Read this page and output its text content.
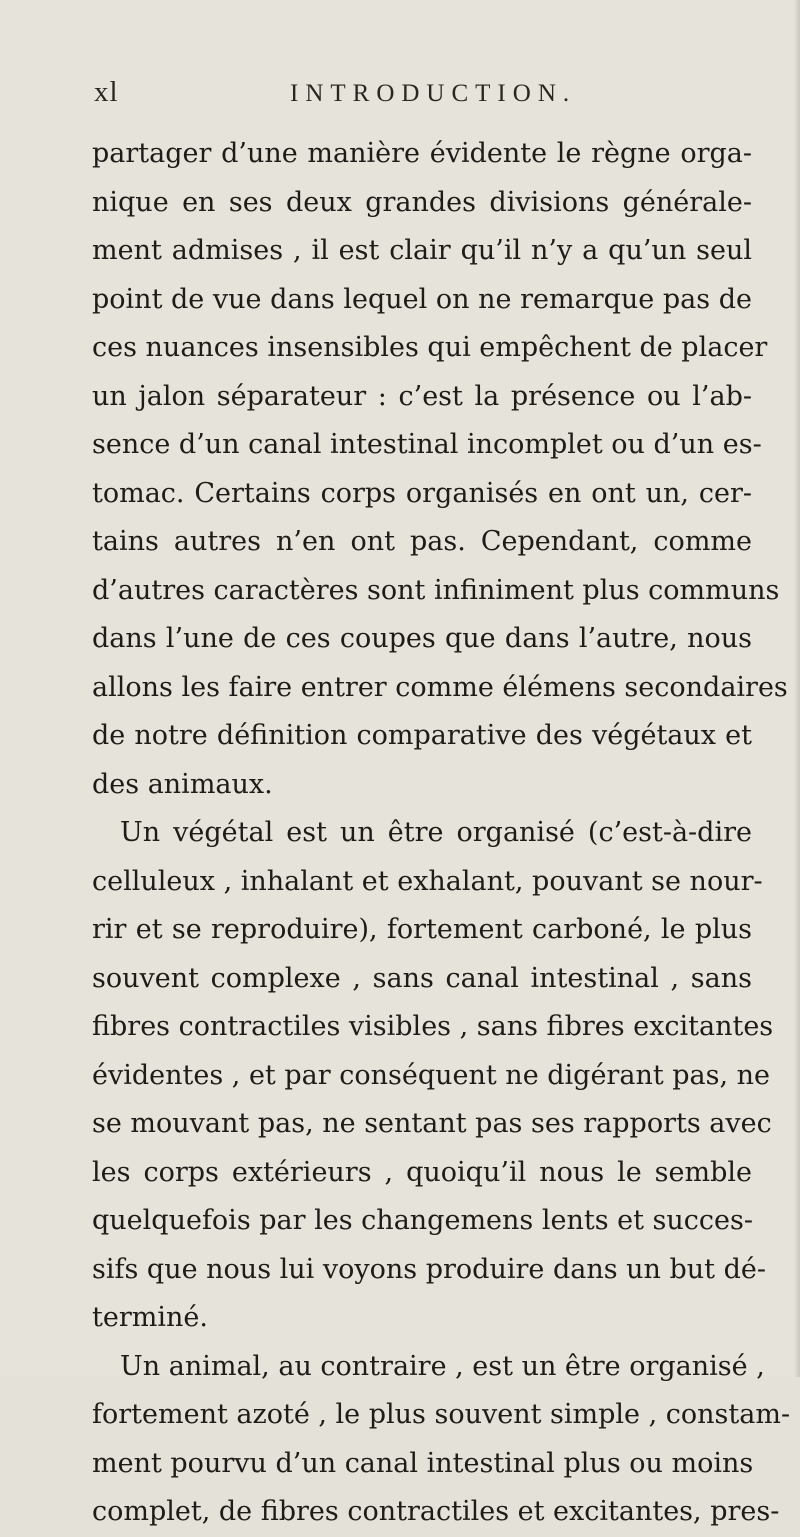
xl	INTRODUCTION.
partager d’une manière évidente le règne orga-
nique en ses deux grandes divisions générale-
ment admises , il est clair qu’il n’y a qu’un seul
point de vue dans lequel on ne remarque pas de
ces nuances insensibles qui empêchent de placer
un jalon séparateur : c’est la présence ou l’ab-
sence d’un canal intestinal incomplet ou d’un es-
tomac. Certains corps organisés en ont un, cer-
tains autres n’en ont pas. Cependant, comme
d’autres caractères sont infiniment plus communs
dans l’une de ces coupes que dans l’autre, nous
allons les faire entrer comme élémens secondaires
de notre définition comparative des végétaux et
des animaux.
Un végétal est un être organisé (c’est-à-dire
celluleux , inhalant et exhalant, pouvant se nour-
rir et se reproduire), fortement carboné, le plus
souvent complexe , sans canal intestinal , sans
fibres contractiles visibles , sans fibres excitantes
évidentes , et par conséquent ne digérant pas, ne
se mouvant pas, ne sentant pas ses rapports avec
les corps extérieurs , quoiqu’il nous le semble
quelquefois par les changemens lents et succes-
sifs que nous lui voyons produire dans un but dé-
terminé.
Un animal, au contraire , est un être organisé ,
fortement azoté , le plus souvent simple , constam-
ment pourvu d’un canal intestinal plus ou moins
complet, de fibres contractiles et excitantes, pres-
